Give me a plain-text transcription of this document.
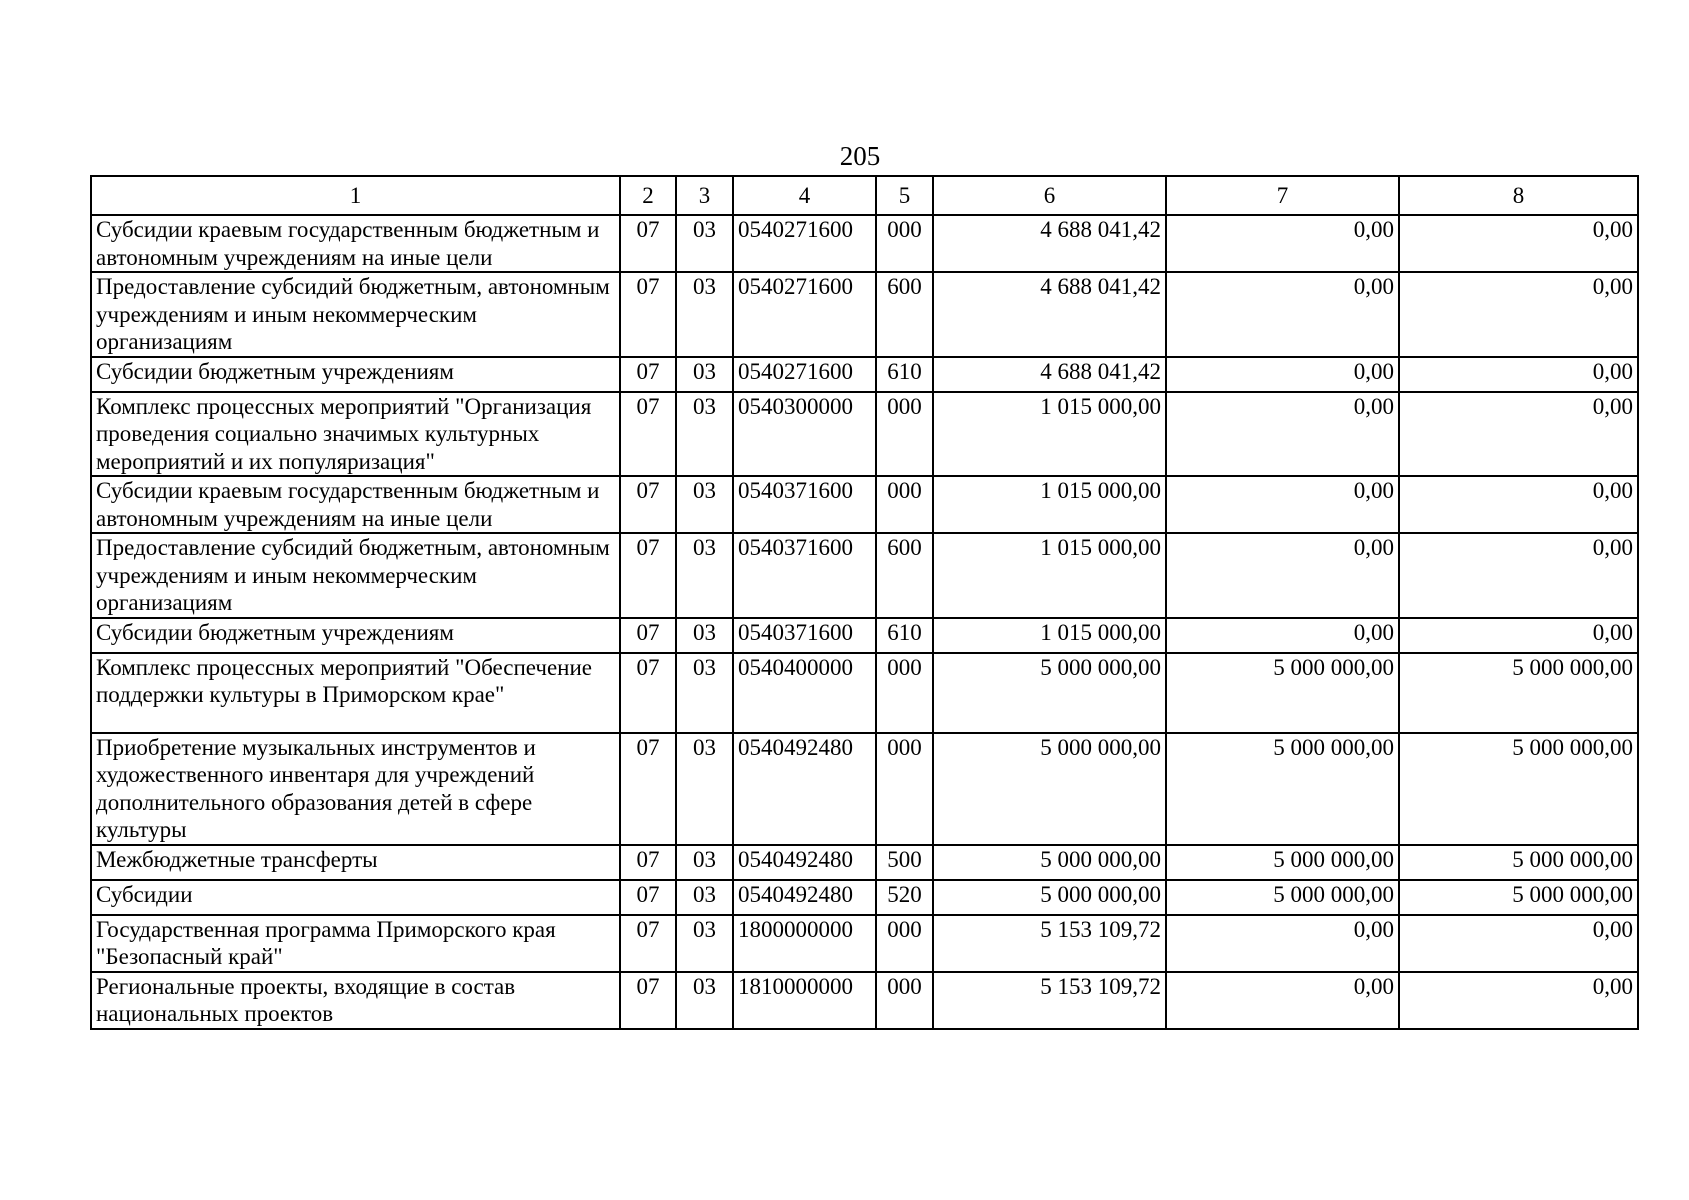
205
1	2	3	4	5	6	7	8
Субсидии краевым государственным бюджетным и автономным учреждениям на иные цели	07	03	0540271600	000	4 688 041,42	0,00	0,00
Предоставление субсидий бюджетным, автономным учреждениям и иным некоммерческим организациям	07	03	0540271600	600	4 688 041,42	0,00	0,00
Субсидии бюджетным учреждениям	07	03	0540271600	610	4 688 041,42	0,00	0,00
Комплекс процессных мероприятий "Организация проведения социально значимых культурных мероприятий и их популяризация"	07	03	0540300000	000	1 015 000,00	0,00	0,00
Субсидии краевым государственным бюджетным и автономным учреждениям на иные цели	07	03	0540371600	000	1 015 000,00	0,00	0,00
Предоставление субсидий бюджетным, автономным учреждениям и иным некоммерческим организациям	07	03	0540371600	600	1 015 000,00	0,00	0,00
Субсидии бюджетным учреждениям	07	03	0540371600	610	1 015 000,00	0,00	0,00
Комплекс процессных мероприятий "Обеспечение поддержки культуры в Приморском крае"	07	03	0540400000	000	5 000 000,00	5 000 000,00	5 000 000,00
Приобретение музыкальных инструментов и художественного инвентаря для учреждений дополнительного образования детей в сфере культуры	07	03	0540492480	000	5 000 000,00	5 000 000,00	5 000 000,00
Межбюджетные трансферты	07	03	0540492480	500	5 000 000,00	5 000 000,00	5 000 000,00
Субсидии	07	03	0540492480	520	5 000 000,00	5 000 000,00	5 000 000,00
Государственная программа Приморского края "Безопасный край"	07	03	1800000000	000	5 153 109,72	0,00	0,00
Региональные проекты, входящие в состав национальных проектов	07	03	1810000000	000	5 153 109,72	0,00	0,00
